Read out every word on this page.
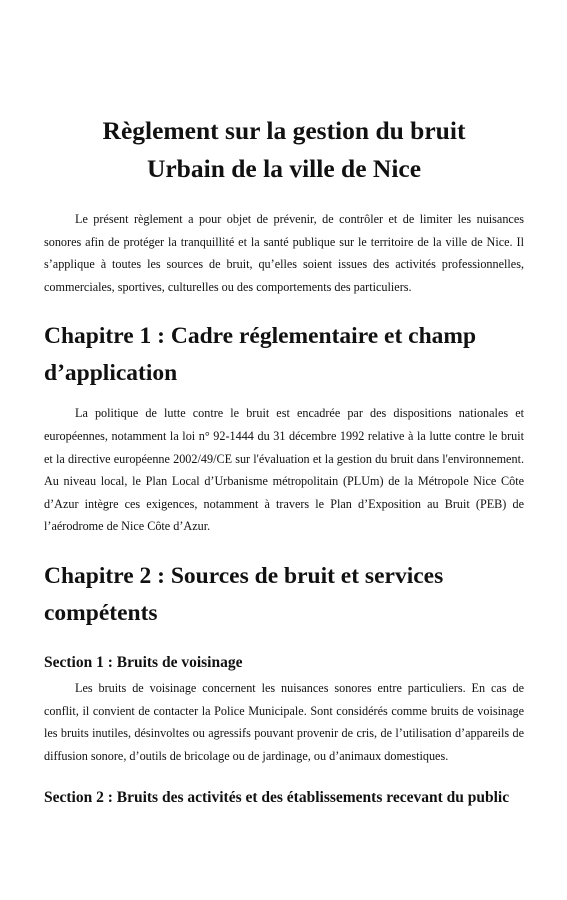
Règlement sur la gestion du bruit
Urbain de la ville de Nice

Le présent règlement a pour objet de prévenir, de contrôler et de limiter les nuisances sonores afin de protéger la tranquillité et la santé publique sur le territoire de la ville de Nice. Il s’applique à toutes les sources de bruit, qu’elles soient issues des activités professionnelles, commerciales, sportives, culturelles ou des comportements des particuliers.

Chapitre 1 : Cadre réglementaire et champ d’application

La politique de lutte contre le bruit est encadrée par des dispositions nationales et européennes, notamment la loi n° 92-1444 du 31 décembre 1992 relative à la lutte contre le bruit et la directive européenne 2002/49/CE sur l'évaluation et la gestion du bruit dans l'environnement. Au niveau local, le Plan Local d’Urbanisme métropolitain (PLUm) de la Métropole Nice Côte d’Azur intègre ces exigences, notamment à travers le Plan d’Exposition au Bruit (PEB) de l’aérodrome de Nice Côte d’Azur.

Chapitre 2 : Sources de bruit et services compétents
Section 1 : Bruits de voisinage

Les bruits de voisinage concernent les nuisances sonores entre particuliers. En cas de conflit, il convient de contacter la Police Municipale. Sont considérés comme bruits de voisinage les bruits inutiles, désinvoltes ou agressifs pouvant provenir de cris, de l’utilisation d’appareils de diffusion sonore, d’outils de bricolage ou de jardinage, ou d’animaux domestiques.

Section 2 : Bruits des activités et des établissements recevant du public
